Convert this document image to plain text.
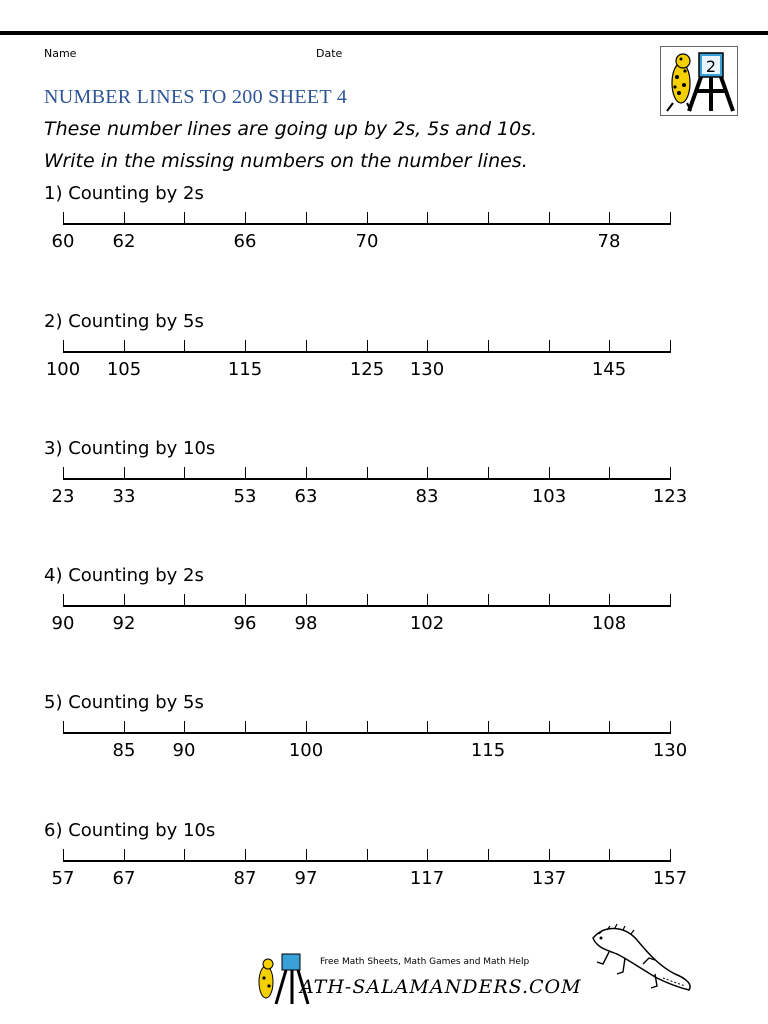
Name	Date
2
NUMBER LINES TO 200 SHEET 4

These number lines are going up by 2s, 5s and 10s.

Write in the missing numbers on the number lines.

1) Counting by 2s

60 62	66	70	78

2) Counting by 5s

100 105	115	125 130	145

3) Counting by 10s

23 33	53 63	83	103	123

4) Counting by 2s

90 92	96 98	102	108

5) Counting by 5s

85 90	100	115	130

6) Counting by 10s

57 67	87 97	117	137	157
Free Math Sheets, Math Games and Math Help
ATH-SALAMANDERS.COM
